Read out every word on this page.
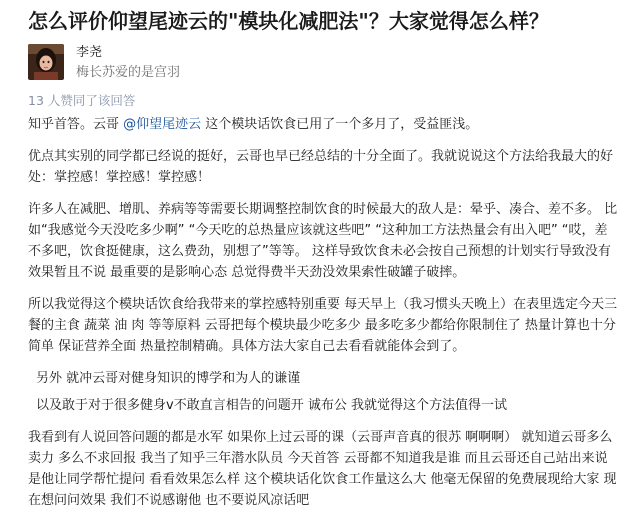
怎么评价仰望尾迹云的"模块化减肥法"？大家觉得怎么样？
李尧
梅长苏爱的是宫羽
13 人赞同了该回答

知乎首答。云哥 @仰望尾迹云 这个模块话饮食已用了一个多月了，受益匪浅。

优点其实别的同学都已经说的挺好，云哥也早已经总结的十分全面了。我就说说这个方法给我最大的好处：掌控感！掌控感！掌控感！

许多人在减肥、增肌、养病等等需要长期调整控制饮食的时候最大的敌人是：晕乎、凑合、差不多。 比如“我感觉今天没吃多少啊” “今天吃的总热量应该就这些吧” “这种加工方法热量会有出入吧” “哎，差不多吧，饮食挺健康，这么费劲，别想了”等等。 这样导致饮食未必会按自己预想的计划实行导致没有效果暂且不说 最重要的是影响心态 总觉得费半天劲没效果索性破罐子破摔。

所以我觉得这个模块话饮食给我带来的掌控感特别重要 每天早上（我习惯头天晚上）在表里选定今天三餐的主食 蔬菜 油 肉 等等原料 云哥把每个模块最少吃多少 最多吃多少都给你限制住了 热量计算也十分简单 保证营养全面 热量控制精确。具体方法大家自己去看看就能体会到了。

另外 就冲云哥对健身知识的博学和为人的谦谨

以及敢于对于很多健身v不敢直言相告的问题开 诚布公 我就觉得这个方法值得一试

我看到有人说回答问题的都是水军 如果你上过云哥的课（云哥声音真的很苏 啊啊啊） 就知道云哥多么卖力 多么不求回报 我当了知乎三年潜水队员 今天首答 云哥都不知道我是谁 而且云哥还自己站出来说是他让同学帮忙提问 看看效果怎么样 这个模块话化饮食工作量这么大 他毫无保留的免费展现给大家 现在想问问效果 我们不说感谢他 也不要说风凉话吧
